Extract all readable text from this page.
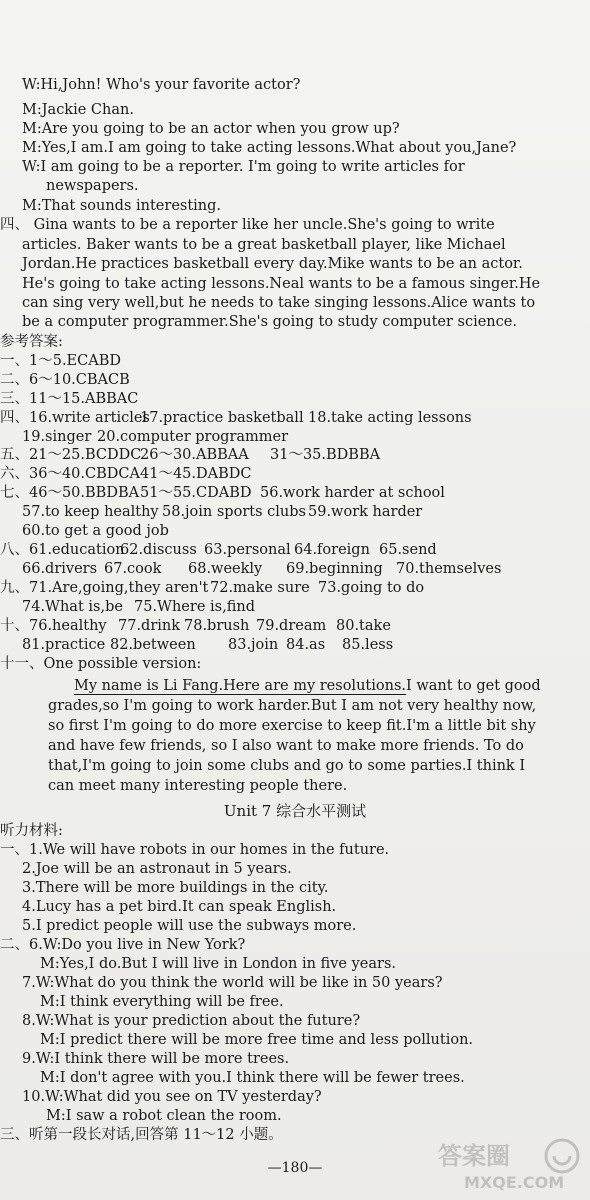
W:Hi,John! Who's your favorite actor?
M:Jackie Chan.
M:Are you going to be an actor when you grow up?
M:Yes,I am.I am going to take acting lessons.What about you,Jane?
W:I am going to be a reporter. I'm going to write articles for
newspapers.
M:That sounds interesting.
四、 Gina wants to be a reporter like her uncle.She's going to write
articles. Baker wants to be a great basketball player, like Michael
Jordan.He practices basketball every day.Mike wants to be an actor.
He's going to take acting lessons.Neal wants to be a famous singer.He
can sing very well,but he needs to take singing lessons.Alice wants to
be a computer programmer.She's going to study computer science.
参考答案:
一、1～5.ECABD
二、6～10.CBACB
三、11～15.ABBAC
四、16.write articles17.practice basketball 18.take acting lessons
19.singer 20.computer programmer
五、21～25.BCDDC26～30.ABBAA 31～35.BDBBA
六、36～40.CBDCA41～45.DABDC
七、46～50.BBDBA51～55.CDABD 56.work harder at school
57.to keep healthy 58.join sports clubs 59.work harder
60.to get a good job
八、61.education62.discuss 63.personal 64.foreign 65.send
66.drivers 67.cook 68.weekly 69.beginning 70.themselves
九、71.Are,going,they aren't 72.make sure 73.going to do
74.What is,be 75.Where is,find
十、76.healthy 77.drink 78.brush 79.dream 80.take
81.practice 82.between 83.join 84.as 85.less
十一、One possible version:
My name is Li Fang.Here are my resolutions.I want to get good
grades,so I'm going to work harder.But I am not very healthy now,
so first I'm going to do more exercise to keep fit.I'm a little bit shy
and have few friends, so I also want to make more friends. To do
that,I'm going to join some clubs and go to some parties.I think I
can meet many interesting people there.
Unit 7 综合水平测试
听力材料:
一、1.We will have robots in our homes in the future.
2.Joe will be an astronaut in 5 years.
3.There will be more buildings in the city.
4.Lucy has a pet bird.It can speak English.
5.I predict people will use the subways more.
二、6.W:Do you live in New York?
M:Yes,I do.But I will live in London in five years.
7.W:What do you think the world will be like in 50 years?
M:I think everything will be free.
8.W:What is your prediction about the future?
M:I predict there will be more free time and less pollution.
9.W:I think there will be more trees.
M:I don't agree with you.I think there will be fewer trees.
10.W:What did you see on TV yesterday?
M:I saw a robot clean the room.
三、听第一段长对话,回答第 11～12 小题。
—180—	答案圈
MXQE.COM
